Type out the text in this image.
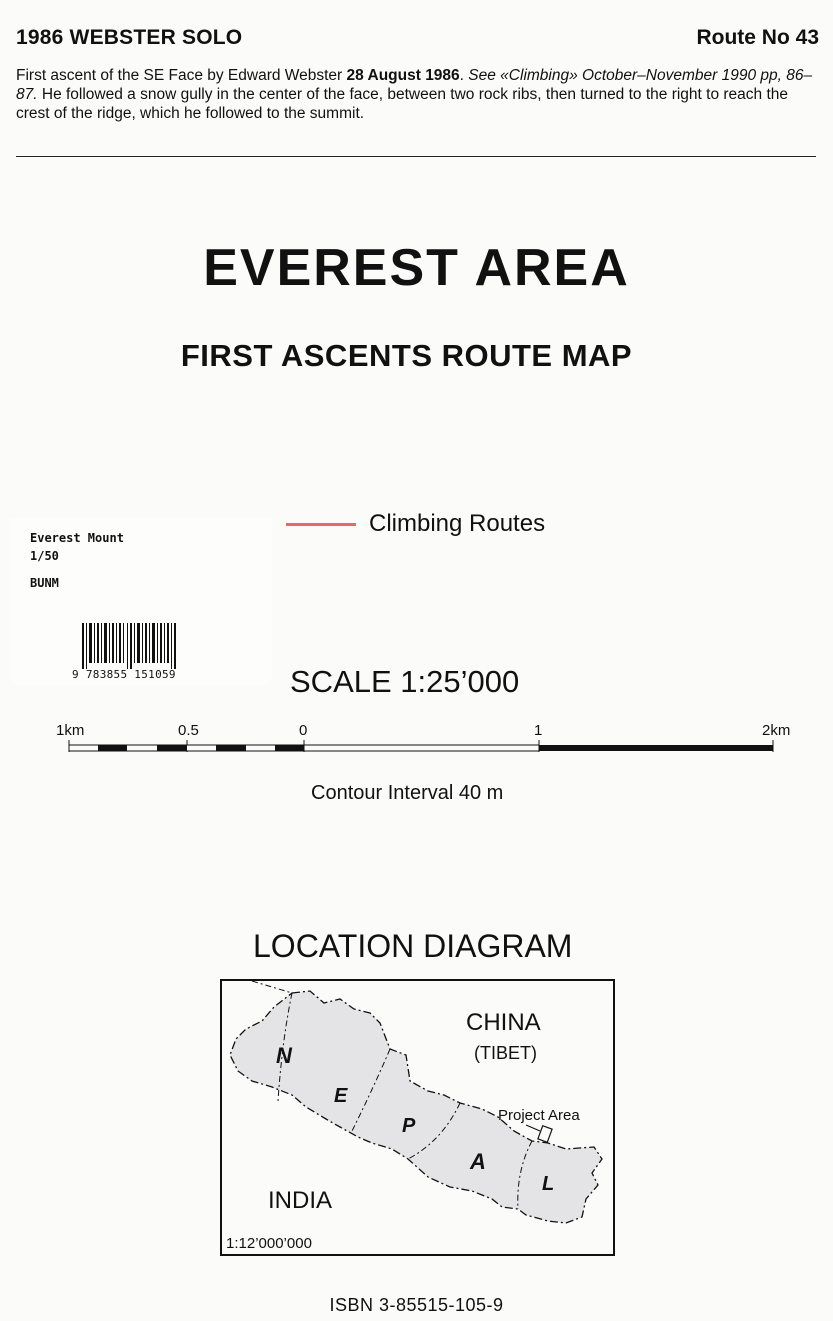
1986 WEBSTER SOLO	Route No 43
First ascent of the SE Face by Edward Webster 28 August 1986. See «Climbing» October–November 1990 pp, 86–87. He followed a snow gully in the center of the face, between two rock ribs, then turned to the right to reach the crest of the ridge, which he followed to the summit.
EVEREST AREA
FIRST ASCENTS ROUTE MAP
Everest Mount
1/50
BUNM
9 783855 151059
Climbing Routes
SCALE 1:25’000
1km	0.5	0	1	2km
Contour Interval 40 m
LOCATION DIAGRAM
CHINA
(TIBET)
N
E
P
A
L
Project Area
INDIA
1:12’000’000
ISBN 3-85515-105-9
